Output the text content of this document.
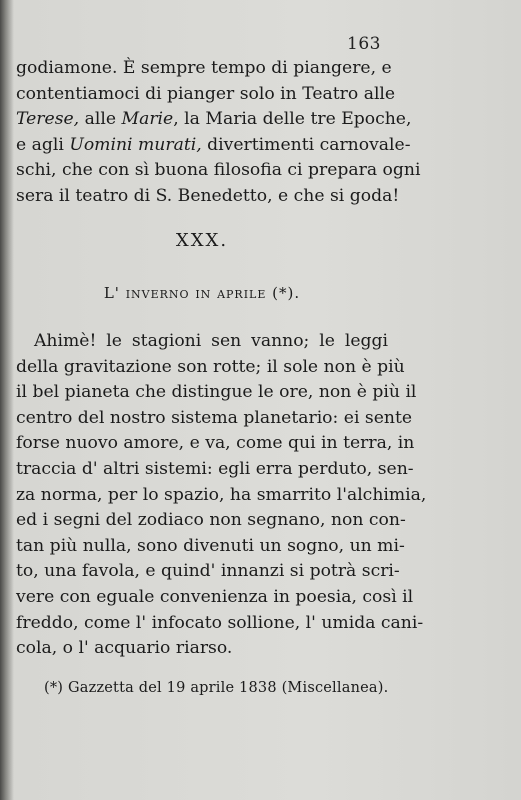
163
godiamone. È sempre tempo di piangere, e
contentiamoci di pianger solo in Teatro alle
Terese, alle Marie, la Maria delle tre Epoche,
e agli Uomini murati, divertimenti carnovale-
schi, che con sì buona filosofia ci prepara ogni
sera il teatro di S. Benedetto, e che si goda!
XXX.
L' inverno in aprile (*).
Ahimè! le stagioni sen vanno; le leggi
della gravitazione son rotte; il sole non è più
il bel pianeta che distingue le ore, non è più il
centro del nostro sistema planetario: ei sente
forse nuovo amore, e va, come qui in terra, in
traccia d' altri sistemi: egli erra perduto, sen-
za norma, per lo spazio, ha smarrito l'alchimia,
ed i segni del zodiaco non segnano, non con-
tan più nulla, sono divenuti un sogno, un mi-
to, una favola, e quind' innanzi si potrà scri-
vere con eguale convenienza in poesia, così il
freddo, come l' infocato sollione, l' umida cani-
cola, o l' acquario riarso.
(*) Gazzetta del 19 aprile 1838 (Miscellanea).
